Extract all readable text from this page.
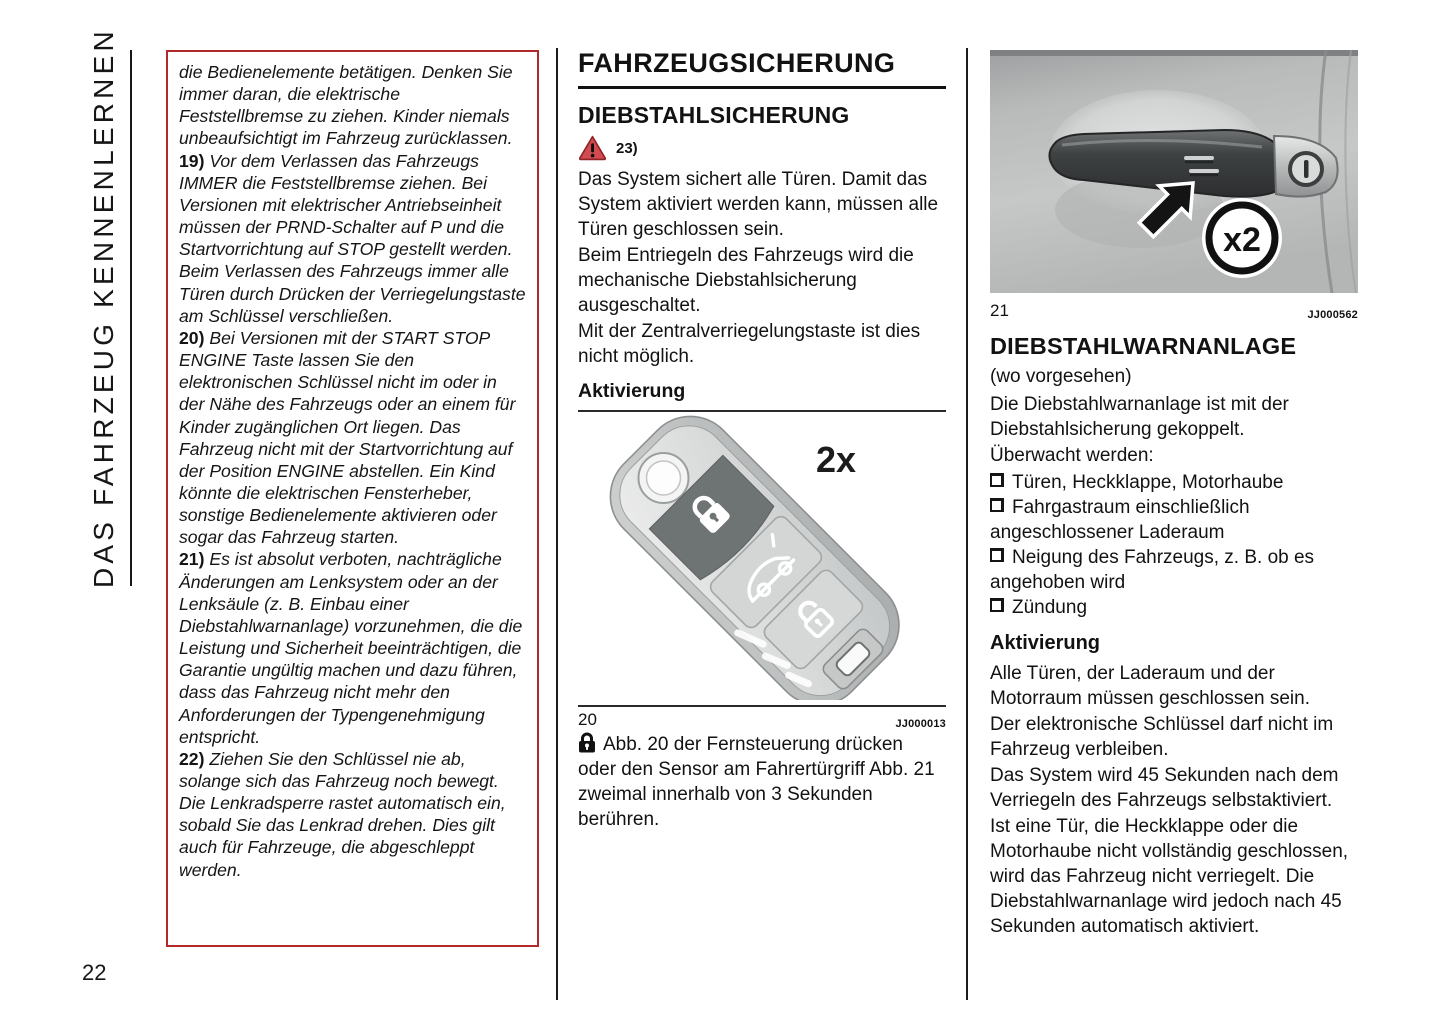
DAS FAHRZEUG KENNENLERNEN
22

die Bedienelemente betätigen. Denken Sie immer daran, die elektrische Feststellbremse zu ziehen. Kinder niemals unbeaufsichtigt im Fahrzeug zurücklassen.

19) Vor dem Verlassen das Fahrzeugs IMMER die Feststellbremse ziehen. Bei Versionen mit elektrischer Antriebseinheit müssen der PRND-Schalter auf P und die Startvorrichtung auf STOP gestellt werden. Beim Verlassen des Fahrzeugs immer alle Türen durch Drücken der Verriegelungstaste am Schlüssel verschließen.

20) Bei Versionen mit der START STOP ENGINE Taste lassen Sie den elektronischen Schlüssel nicht im oder in der Nähe des Fahrzeugs oder an einem für Kinder zugänglichen Ort liegen. Das Fahrzeug nicht mit der Startvorrichtung auf der Position ENGINE abstellen. Ein Kind könnte die elektrischen Fensterheber, sonstige Bedienelemente aktivieren oder sogar das Fahrzeug starten.

21) Es ist absolut verboten, nachträgliche Änderungen am Lenksystem oder an der Lenksäule (z. B. Einbau einer Diebstahlwarnanlage) vorzunehmen, die die Leistung und Sicherheit beeinträchtigen, die Garantie ungültig machen und dazu führen, dass das Fahrzeug nicht mehr den Anforderungen der Typengenehmigung entspricht.

22) Ziehen Sie den Schlüssel nie ab, solange sich das Fahrzeug noch bewegt. Die Lenkradsperre rastet automatisch ein, sobald Sie das Lenkrad drehen. Dies gilt auch für Fahrzeuge, die abgeschleppt werden.

FAHRZEUGSICHERUNG
DIEBSTAHLSICHERUNG
23)

Das System sichert alle Türen. Damit das System aktiviert werden kann, müssen alle Türen geschlossen sein.

Beim Entriegeln des Fahrzeugs wird die mechanische Diebstahlsicherung ausgeschaltet.

Mit der Zentralverriegelungstaste ist dies nicht möglich.

Aktivierung
2x
20	JJ000013

Abb. 20 der Fernsteuerung drücken oder den Sensor am Fahrertürgriff Abb. 21 zweimal innerhalb von 3 Sekunden berühren.

x2
21	JJ000562
DIEBSTAHLWARNANLAGE

(wo vorgesehen)

Die Diebstahlwarnanlage ist mit der Diebstahlsicherung gekoppelt.

Überwacht werden:

Türen, Heckklappe, Motorhaube
Fahrgastraum einschließlich angeschlossener Laderaum
Neigung des Fahrzeugs, z. B. ob es angehoben wird
Zündung
Aktivierung

Alle Türen, der Laderaum und der Motorraum müssen geschlossen sein.

Der elektronische Schlüssel darf nicht im Fahrzeug verbleiben.

Das System wird 45 Sekunden nach dem Verriegeln des Fahrzeugs selbstaktiviert.

Ist eine Tür, die Heckklappe oder die Motorhaube nicht vollständig geschlossen, wird das Fahrzeug nicht verriegelt. Die Diebstahlwarnanlage wird jedoch nach 45 Sekunden automatisch aktiviert.
